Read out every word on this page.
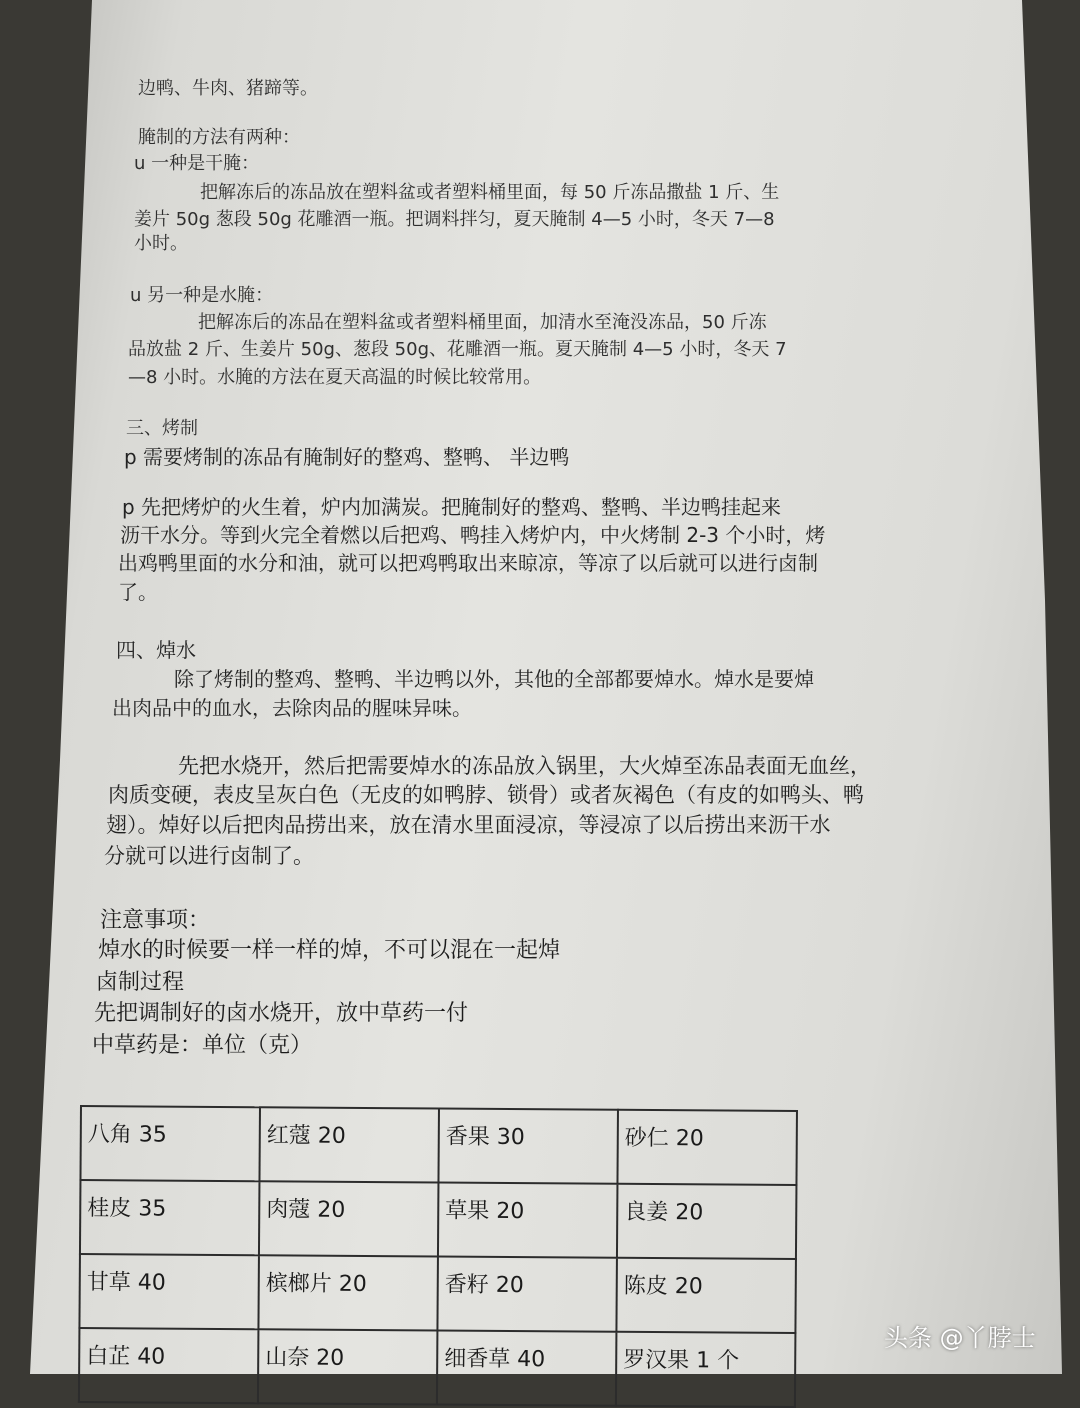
边鸭、牛肉、猪蹄等。

腌制的方法有两种：

u 一种是干腌：

把解冻后的冻品放在塑料盆或者塑料桶里面，每 50 斤冻品撒盐 1 斤、生

姜片 50g 葱段 50g 花雕酒一瓶。把调料拌匀，夏天腌制 4—5 小时，冬天 7—8

小时。

u 另一种是水腌：

把解冻后的冻品在塑料盆或者塑料桶里面，加清水至淹没冻品，50 斤冻

品放盐 2 斤、生姜片 50g、葱段 50g、花雕酒一瓶。夏天腌制 4—5 小时，冬天 7

—8 小时。水腌的方法在夏天高温的时候比较常用。

三、烤制

p 需要烤制的冻品有腌制好的整鸡、整鸭、 半边鸭

p 先把烤炉的火生着，炉内加满炭。把腌制好的整鸡、整鸭、半边鸭挂起来

沥干水分。等到火完全着燃以后把鸡、鸭挂入烤炉内，中火烤制 2-3 个小时，烤

出鸡鸭里面的水分和油，就可以把鸡鸭取出来晾凉，等凉了以后就可以进行卤制

了。

四、焯水

除了烤制的整鸡、整鸭、半边鸭以外，其他的全部都要焯水。焯水是要焯

出肉品中的血水，去除肉品的腥味异味。

先把水烧开，然后把需要焯水的冻品放入锅里，大火焯至冻品表面无血丝，

肉质变硬，表皮呈灰白色（无皮的如鸭脖、锁骨）或者灰褐色（有皮的如鸭头、鸭

翅）。焯好以后把肉品捞出来，放在清水里面浸凉，等浸凉了以后捞出来沥干水

分就可以进行卤制了。

注意事项：

焯水的时候要一样一样的焯，不可以混在一起焯

卤制过程

先把调制好的卤水烧开，放中草药一付

中草药是：单位（克）

八角 35	红蔻 20	香果 30	砂仁 20
桂皮 35	肉蔻 20	草果 20	良姜 20
甘草 40	槟榔片 20	香籽 20	陈皮 20
白芷 40	山奈 20	细香草 40	罗汉果 1 个
头条 @丫脖士
